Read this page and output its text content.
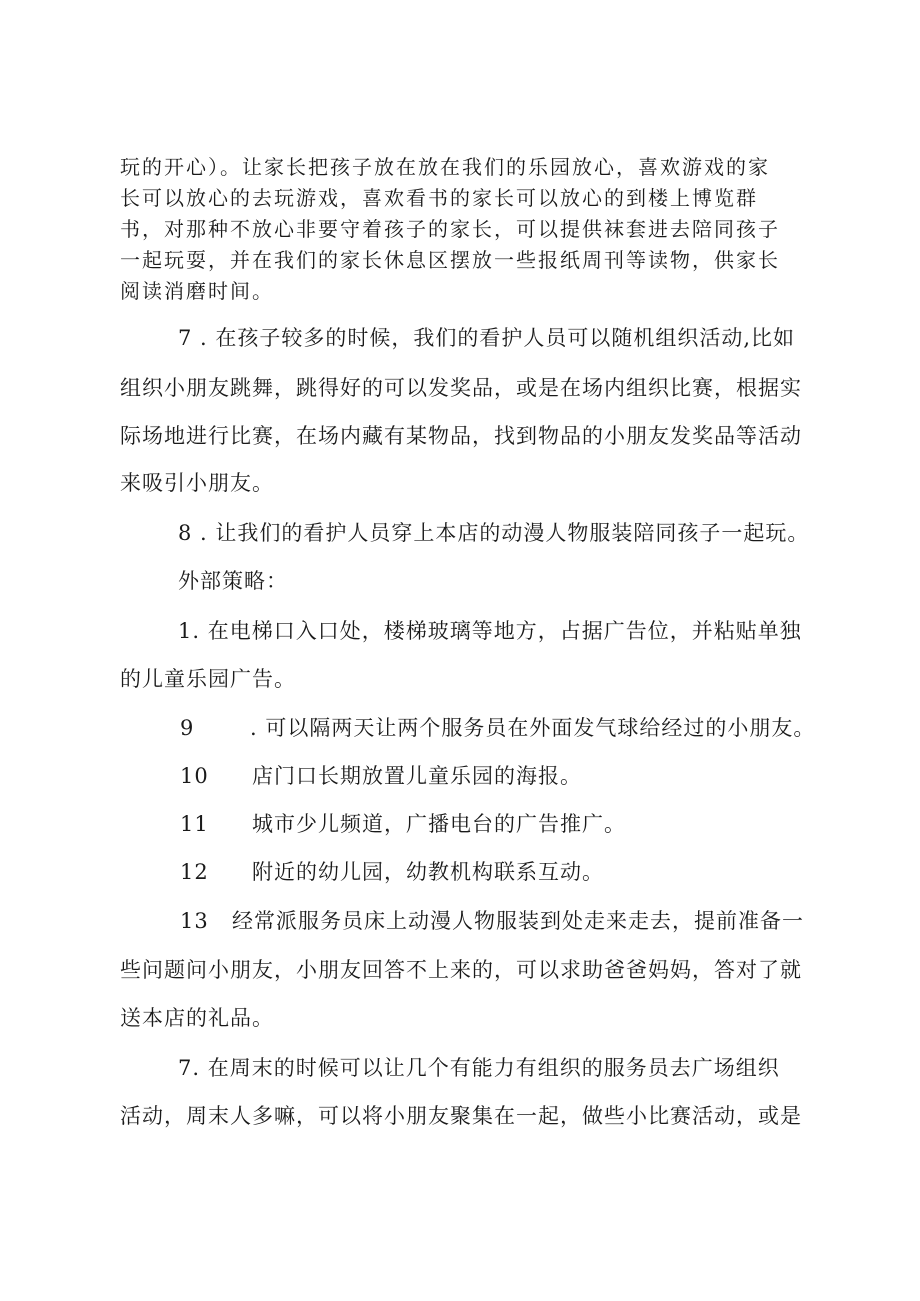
玩的开心）。让家长把孩子放在放在我们的乐园放心，喜欢游戏的家
长可以放心的去玩游戏，喜欢看书的家长可以放心的到楼上博览群
书，对那种不放心非要守着孩子的家长，可以提供袜套进去陪同孩子
一起玩耍，并在我们的家长休息区摆放一些报纸周刊等读物，供家长
阅读消磨时间。
7 . 在孩子较多的时候，我们的看护人员可以随机组织活动,比如
组织小朋友跳舞，跳得好的可以发奖品，或是在场内组织比赛，根据实
际场地进行比赛，在场内藏有某物品，找到物品的小朋友发奖品等活动
来吸引小朋友。
8 . 让我们的看护人员穿上本店的动漫人物服装陪同孩子一起玩。
外部策略：
1. 在电梯口入口处，楼梯玻璃等地方，占据广告位，并粘贴单独
的儿童乐园广告。
9	. 可以隔两天让两个服务员在外面发气球给经过的小朋友。
10 店门口长期放置儿童乐园的海报。
11 城市少儿频道，广播电台的广告推广。
12 附近的幼儿园，幼教机构联系互动。
13 经常派服务员床上动漫人物服装到处走来走去，提前准备一
些问题问小朋友，小朋友回答不上来的，可以求助爸爸妈妈，答对了就
送本店的礼品。
7. 在周末的时候可以让几个有能力有组织的服务员去广场组织
活动，周末人多嘛，可以将小朋友聚集在一起，做些小比赛活动，或是
